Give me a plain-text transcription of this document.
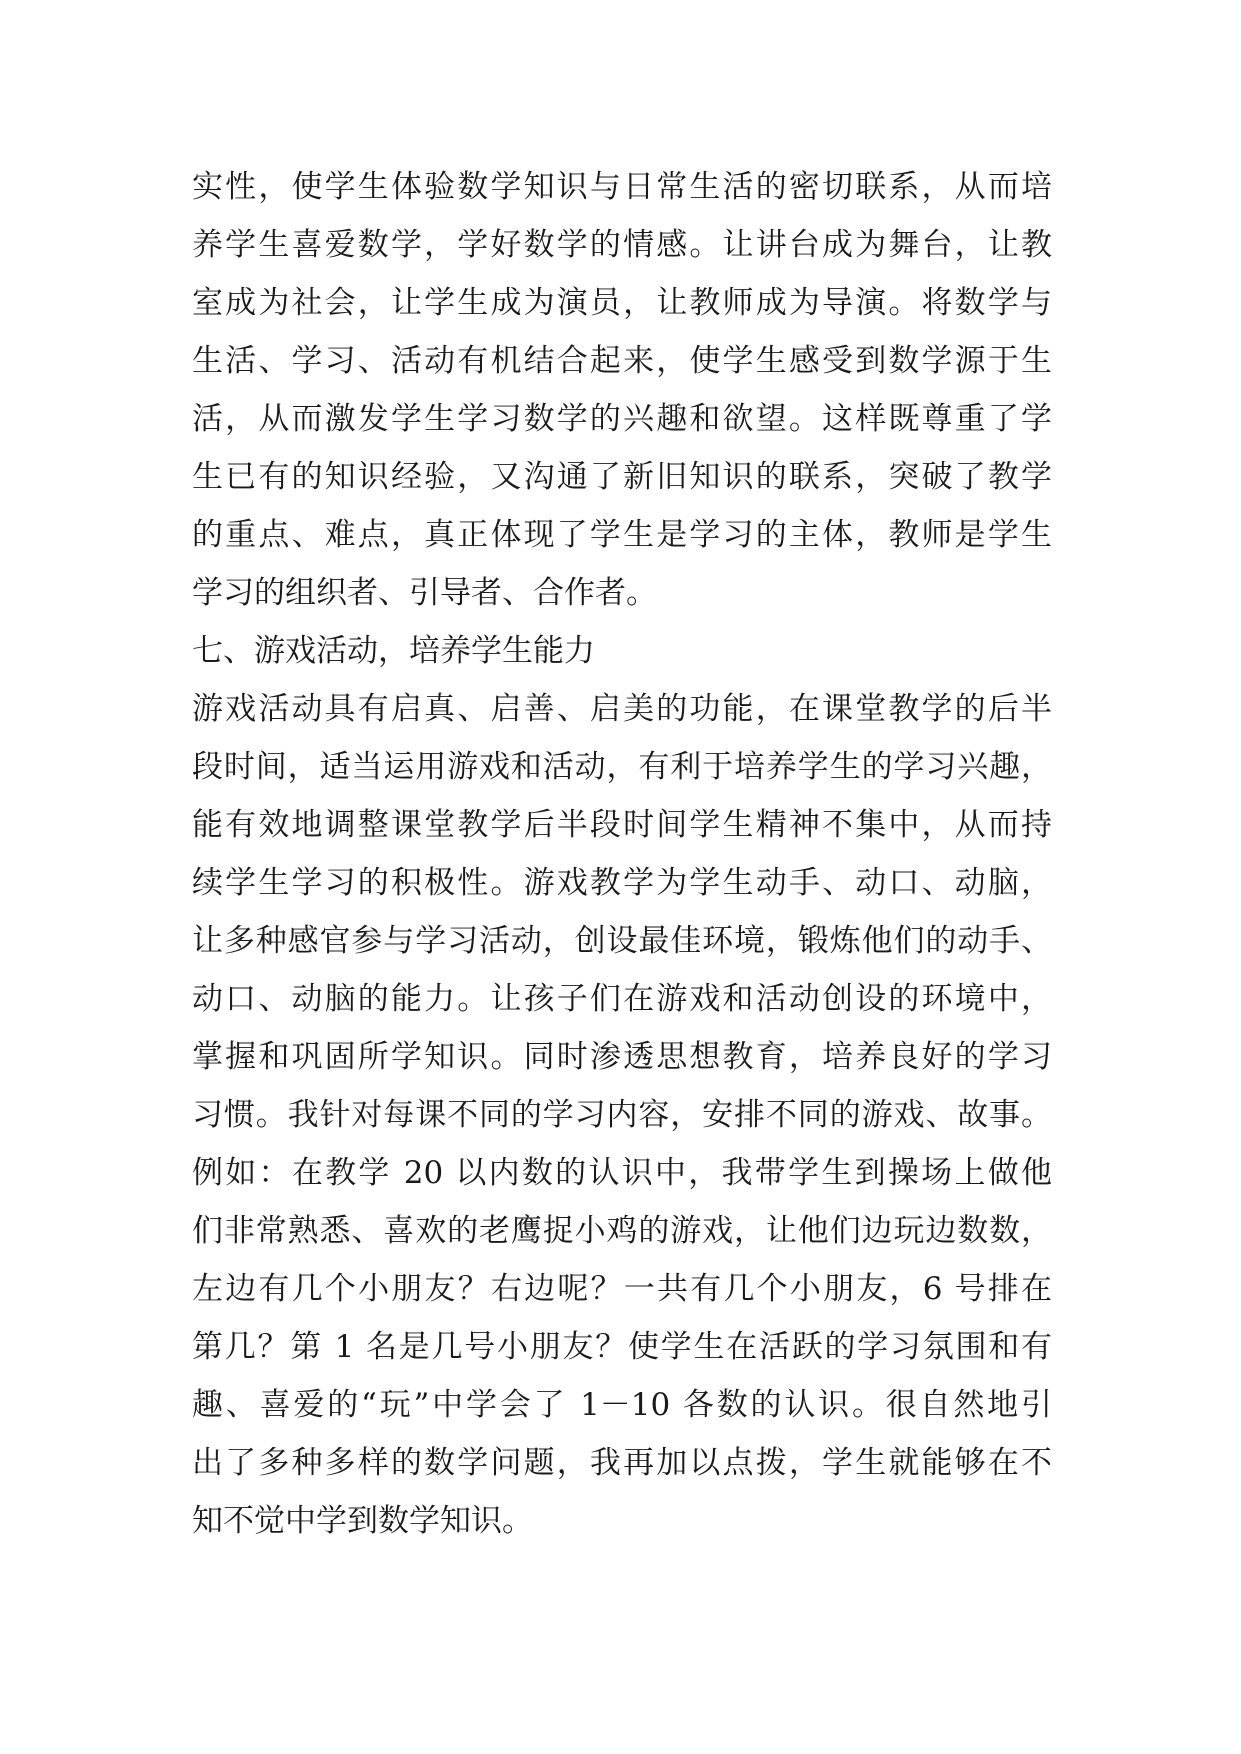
实性，使学生体验数学知识与日常生活的密切联系，从而培
养学生喜爱数学，学好数学的情感。让讲台成为舞台，让教
室成为社会，让学生成为演员，让教师成为导演。将数学与
生活、学习、活动有机结合起来，使学生感受到数学源于生
活，从而激发学生学习数学的兴趣和欲望。这样既尊重了学
生已有的知识经验，又沟通了新旧知识的联系，突破了教学
的重点、难点，真正体现了学生是学习的主体，教师是学生
学习的组织者、引导者、合作者。
七、游戏活动，培养学生能力
游戏活动具有启真、启善、启美的功能，在课堂教学的后半
段时间，适当运用游戏和活动，有利于培养学生的学习兴趣，
能有效地调整课堂教学后半段时间学生精神不集中，从而持
续学生学习的积极性。游戏教学为学生动手、动口、动脑，
让多种感官参与学习活动，创设最佳环境，锻炼他们的动手、
动口、动脑的能力。让孩子们在游戏和活动创设的环境中，
掌握和巩固所学知识。同时渗透思想教育，培养良好的学习
习惯。我针对每课不同的学习内容，安排不同的游戏、故事。
例如：在教学 20 以内数的认识中，我带学生到操场上做他
们非常熟悉、喜欢的老鹰捉小鸡的游戏，让他们边玩边数数，
左边有几个小朋友？右边呢？一共有几个小朋友，6 号排在
第几？第 1 名是几号小朋友？使学生在活跃的学习氛围和有
趣、喜爱的“玩”中学会了 1－10 各数的认识。很自然地引
出了多种多样的数学问题，我再加以点拨，学生就能够在不
知不觉中学到数学知识。
